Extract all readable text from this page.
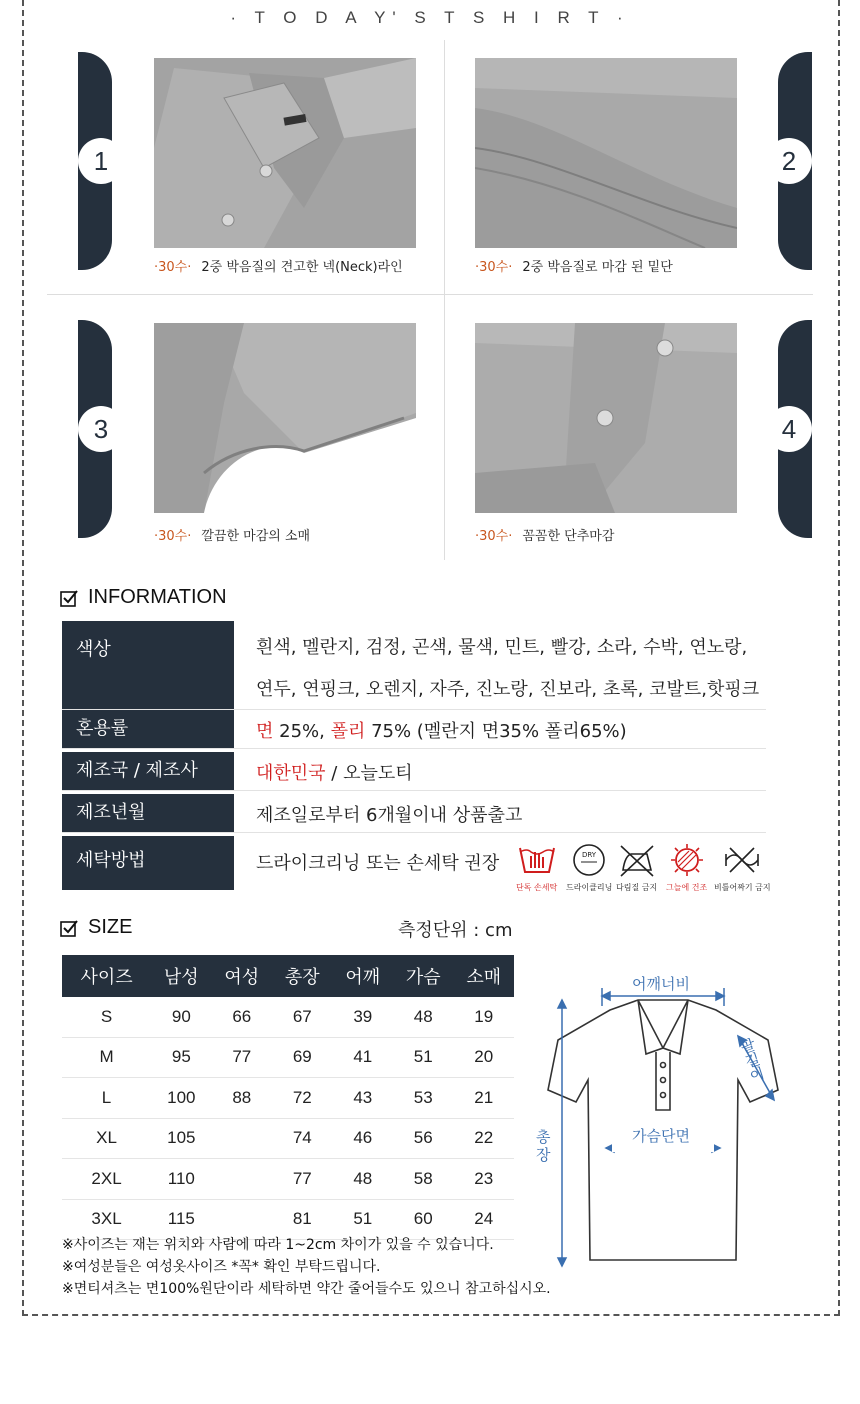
· T O D A Y' S T S H I R T ·
1
·30수· 2중 박음질의 견고한 넥(Neck)라인
2
·30수· 2중 박음질로 마감 된 밑단
3
·30수· 깔끔한 마감의 소매
4
·30수· 꼼꼼한 단추마감
INFORMATION
색상	흰색, 멜란지, 검정, 곤색, 물색, 민트, 빨강, 소라, 수박, 연노랑,
연두, 연핑크, 오렌지, 자주, 진노랑, 진보라, 초록, 코발트,핫핑크
혼용률	면 25%, 폴리 75% (멜란지 면35% 폴리65%)
제조국 / 제조사	대한민국 / 오늘도티
제조년월	제조일로부터 6개월이내 상품출고
세탁방법	드라이크리닝 또는 손세탁 권장
단독 손세탁
DRY
드라이클리닝 다림질 금지 그늘에 건조 비틀어짜기 금지
SIZE	측정단위 : cm
사이즈	남성	여성	총장	어깨	가슴	소매
S	90	66	67	39	48	19
M	95	77	69	41	51	20
L	100	88	72	43	53	21
XL	105		74	46	56	22
2XL	110		77	48	58	23
3XL	115		81	51	60	24
※사이즈는 재는 위치와 사람에 따라 1~2cm 차이가 있을 수 있습니다.
※여성분들은 여성옷사이즈 *꼭* 확인 부탁드립니다.
※면티셔츠는 면100%원단이라 세탁하면 약간 줄어들수도 있으니 참고하십시오.
어깨너비
가슴단면
팔길이
총장
